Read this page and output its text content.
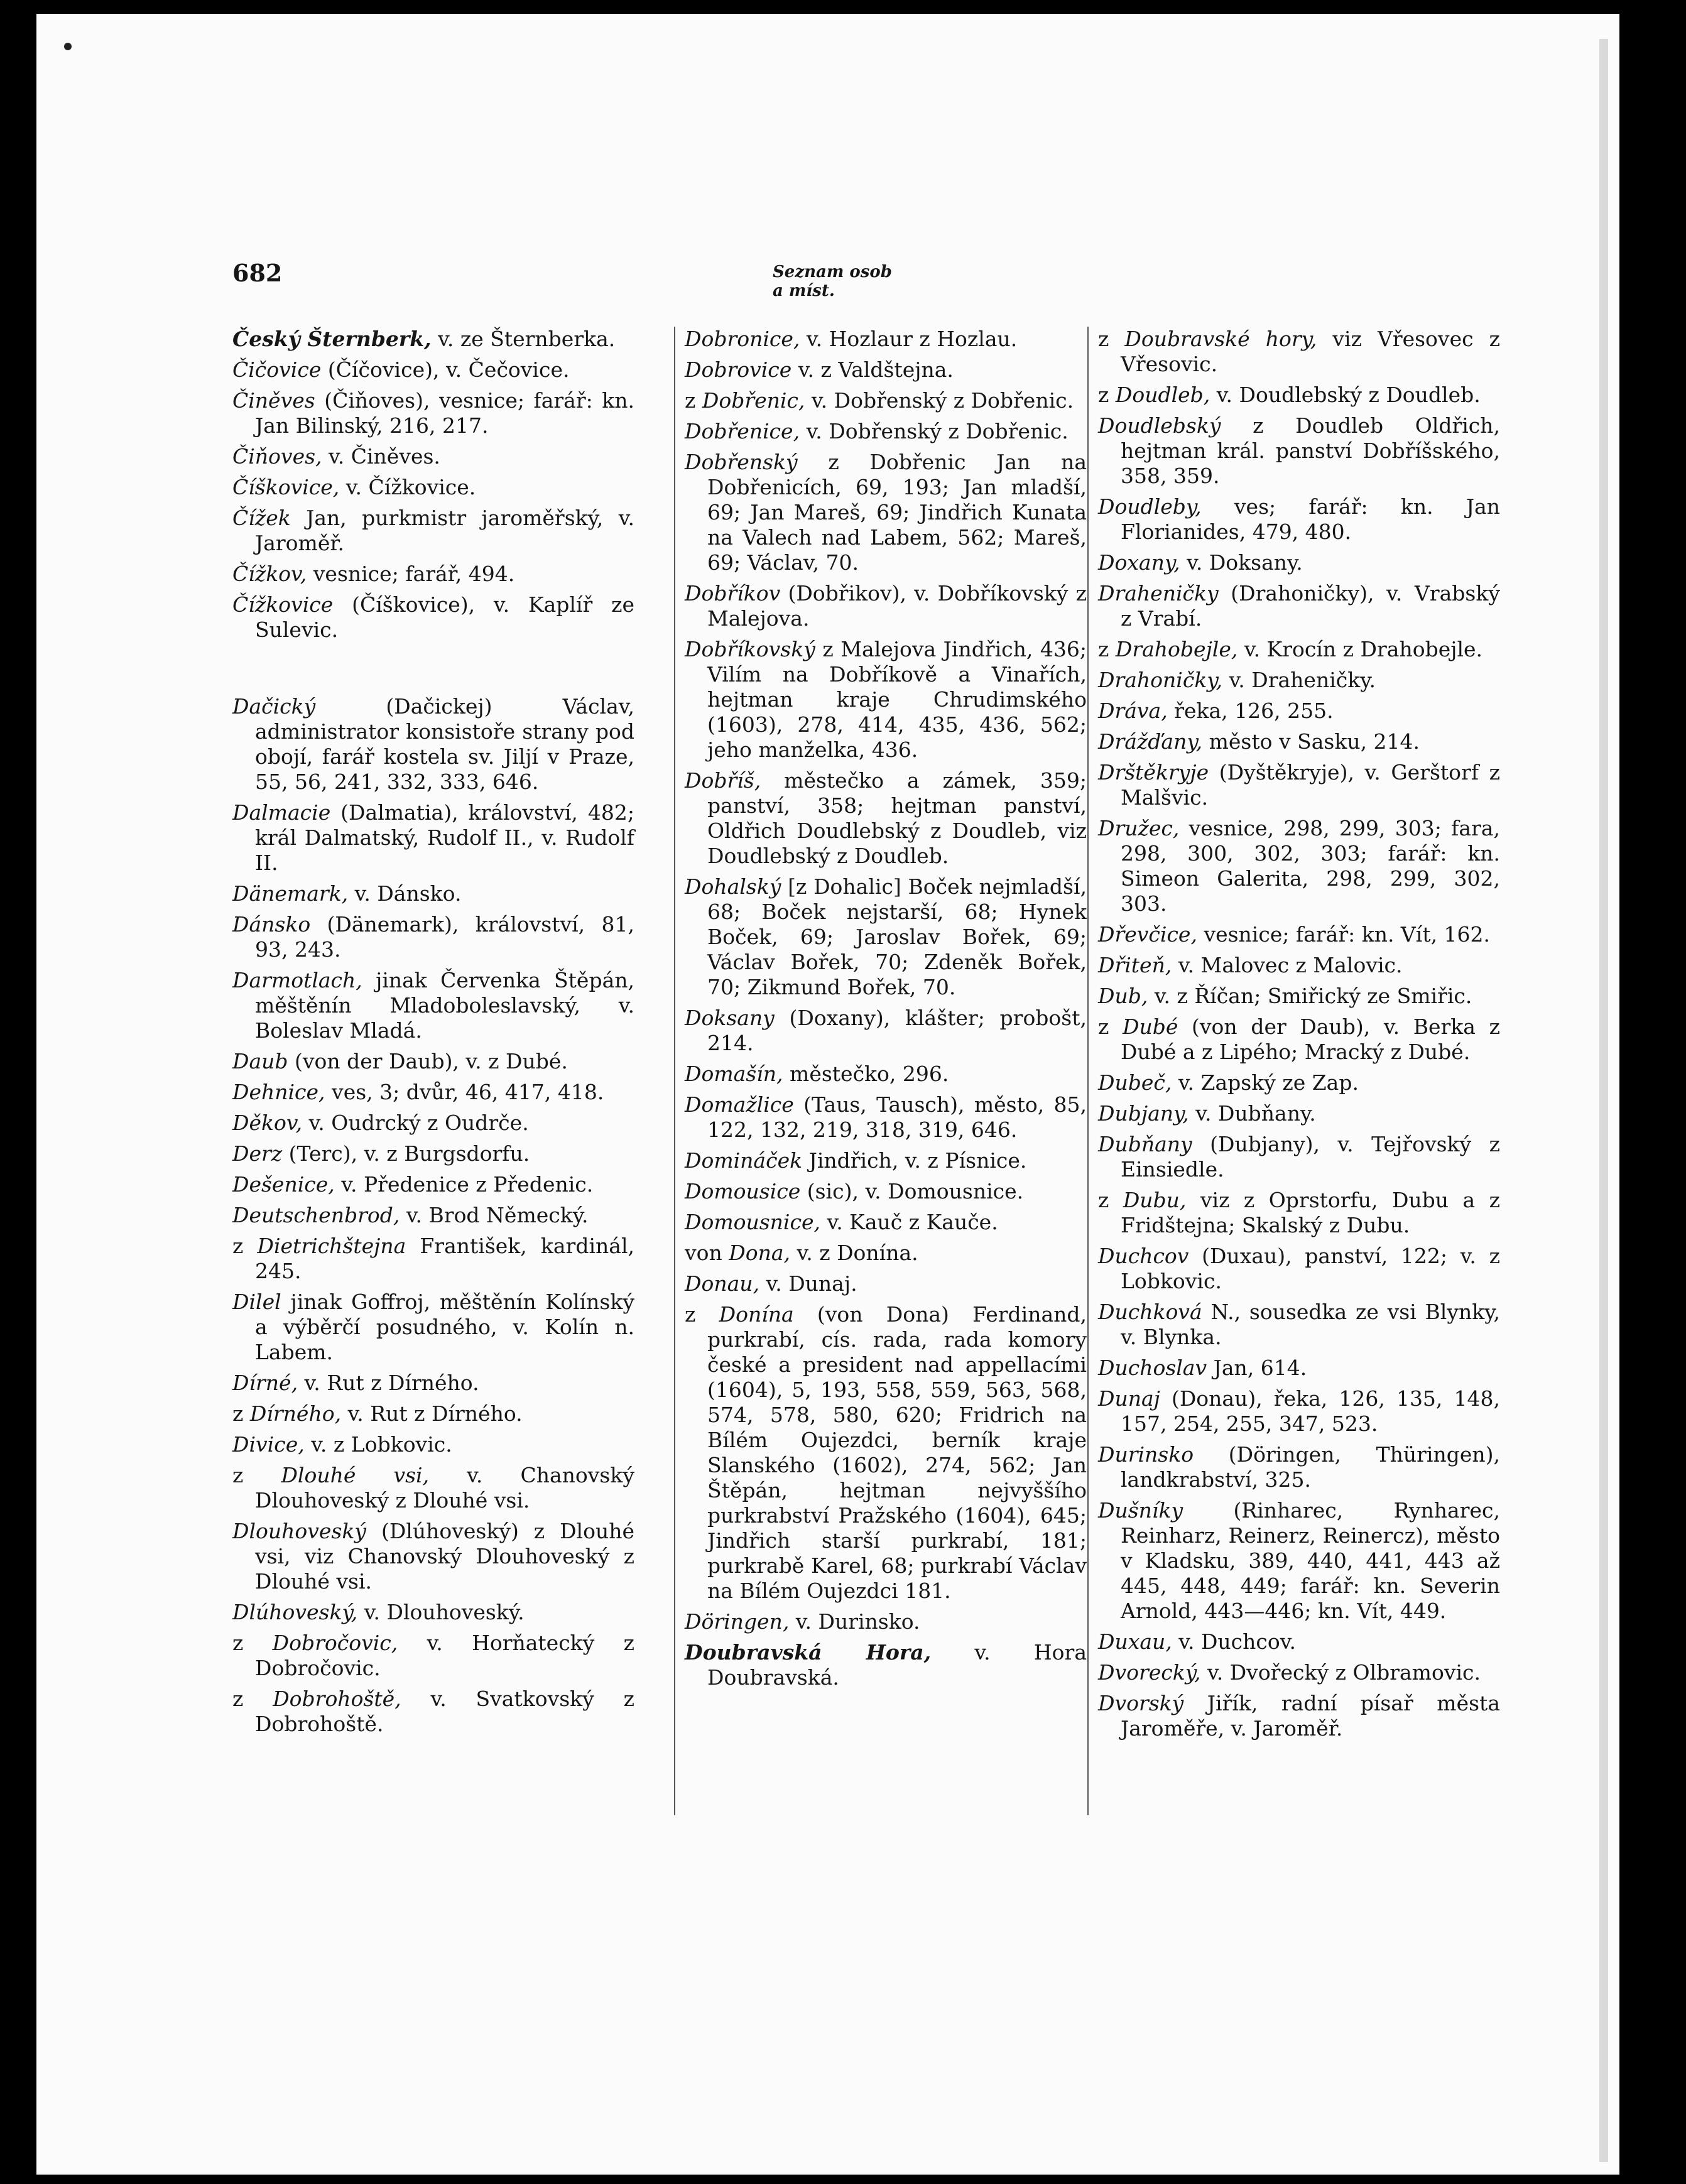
682	Seznam osob a míst.

Český Šternberk, v. ze Šternberka.

Čičovice (Číčovice), v. Čečovice.

Činěves (Čiňoves), vesnice; farář: kn. Jan Bilinský, 216, 217.

Čiňoves, v. Činěves.

Číškovice, v. Čížkovice.

Čížek Jan, purkmistr jaroměřský, v. Jaroměř.

Čížkov, vesnice; farář, 494.

Čížkovice (Číškovice), v. Kaplíř ze Sulevic.

Dačický (Dačickej) Václav, administrator konsistoře strany pod obojí, farář kostela sv. Jiljí v Praze, 55, 56, 241, 332, 333, 646.

Dalmacie (Dalmatia), království, 482; král Dalmatský, Rudolf II., v. Rudolf II.

Dänemark, v. Dánsko.

Dánsko (Dänemark), království, 81, 93, 243.

Darmotlach, jinak Červenka Štěpán, měštěnín Mladoboleslavský, v. Boleslav Mladá.

Daub (von der Daub), v. z Dubé.

Dehnice, ves, 3; dvůr, 46, 417, 418.

Děkov, v. Oudrcký z Oudrče.

Derz (Terc), v. z Burgsdorfu.

Dešenice, v. Předenice z Předenic.

Deutschenbrod, v. Brod Německý.

z Dietrichštejna František, kardinál, 245.

Dilel jinak Goffroj, měštěnín Kolínský a výběrčí posudného, v. Kolín n. Labem.

Dírné, v. Rut z Dírného.

z Dírného, v. Rut z Dírného.

Divice, v. z Lobkovic.

z Dlouhé vsi, v. Chanovský Dlouhoveský z Dlouhé vsi.

Dlouhoveský (Dlúhoveský) z Dlouhé vsi, viz Chanovský Dlouhoveský z Dlouhé vsi.

Dlúhoveský, v. Dlouhoveský.

z Dobročovic, v. Horňatecký z Dobročovic.

z Dobrohoště, v. Svatkovský z Dobrohoště.

Dobronice, v. Hozlaur z Hozlau.

Dobrovice v. z Valdštejna.

z Dobřenic, v. Dobřenský z Dobřenic.

Dobřenice, v. Dobřenský z Dobřenic.

Dobřenský z Dobřenic Jan na Dobřenicích, 69, 193; Jan mladší, 69; Jan Mareš, 69; Jindřich Kunata na Valech nad Labem, 562; Mareš, 69; Václav, 70.

Dobříkov (Dobřikov), v. Dobříkovský z Malejova.

Dobříkovský z Malejova Jindřich, 436; Vilím na Dobříkově a Vinařích, hejtman kraje Chrudimského (1603), 278, 414, 435, 436, 562; jeho manželka, 436.

Dobříš, městečko a zámek, 359; panství, 358; hejtman panství, Oldřich Doudlebský z Doudleb, viz Doudlebský z Doudleb.

Dohalský [z Dohalic] Boček nejmladší, 68; Boček nejstarší, 68; Hynek Boček, 69; Jaroslav Bořek, 69; Václav Bořek, 70; Zdeněk Bořek, 70; Zikmund Bořek, 70.

Doksany (Doxany), klášter; probošt, 214.

Domašín, městečko, 296.

Domažlice (Taus, Tausch), město, 85, 122, 132, 219, 318, 319, 646.

Domináček Jindřich, v. z Písnice.

Domousice (sic), v. Domousnice.

Domousnice, v. Kauč z Kauče.

von Dona, v. z Donína.

Donau, v. Dunaj.

z Donína (von Dona) Ferdinand, purkrabí, cís. rada, rada komory české a president nad appellacími (1604), 5, 193, 558, 559, 563, 568, 574, 578, 580, 620; Fridrich na Bílém Oujezdci, berník kraje Slanského (1602), 274, 562; Jan Štěpán, hejtman nejvyššího purkrabství Pražského (1604), 645; Jindřich starší purkrabí, 181; purkrabě Karel, 68; purkrabí Václav na Bílém Oujezdci 181.

Döringen, v. Durinsko.

Doubravská Hora, v. Hora Doubravská.

z Doubravské hory, viz Vřesovec z Vřesovic.

z Doudleb, v. Doudlebský z Doudleb.

Doudlebský z Doudleb Oldřich, hejtman král. panství Dobříšského, 358, 359.

Doudleby, ves; farář: kn. Jan Florianides, 479, 480.

Doxany, v. Doksany.

Draheničky (Drahoničky), v. Vrabský z Vrabí.

z Drahobejle, v. Krocín z Drahobejle.

Drahoničky, v. Draheničky.

Dráva, řeka, 126, 255.

Drážďany, město v Sasku, 214.

Drštěkryje (Dyštěkryje), v. Gerštorf z Malšvic.

Družec, vesnice, 298, 299, 303; fara, 298, 300, 302, 303; farář: kn. Simeon Galerita, 298, 299, 302, 303.

Dřevčice, vesnice; farář: kn. Vít, 162.

Dřiteň, v. Malovec z Malovic.

Dub, v. z Říčan; Smiřický ze Smiřic.

z Dubé (von der Daub), v. Berka z Dubé a z Lipého; Mracký z Dubé.

Dubeč, v. Zapský ze Zap.

Dubjany, v. Dubňany.

Dubňany (Dubjany), v. Tejřovský z Einsiedle.

z Dubu, viz z Oprstorfu, Dubu a z Fridštejna; Skalský z Dubu.

Duchcov (Duxau), panství, 122; v. z Lobkovic.

Duchková N., sousedka ze vsi Blynky, v. Blynka.

Duchoslav Jan, 614.

Dunaj (Donau), řeka, 126, 135, 148, 157, 254, 255, 347, 523.

Durinsko (Döringen, Thüringen), landkrabství, 325.

Dušníky (Rinharec, Rynharec, Reinharz, Reinerz, Reinercz), město v Kladsku, 389, 440, 441, 443 až 445, 448, 449; farář: kn. Severin Arnold, 443—446; kn. Vít, 449.

Duxau, v. Duchcov.

Dvorecký, v. Dvořecký z Olbramovic.

Dvorský Jiřík, radní písař města Jaroměře, v. Jaroměř.
